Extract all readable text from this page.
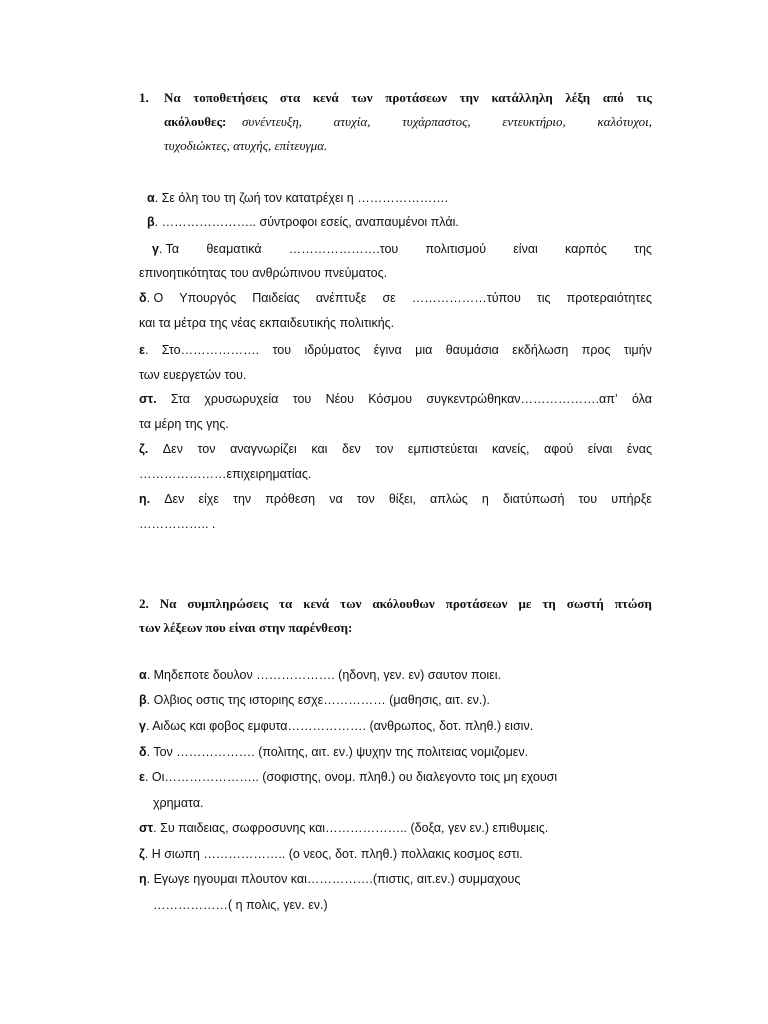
1. Να τοποθετήσεις στα κενά των προτάσεων την κατάλληλη λέξη από τις
ακόλουθες: συνέντευξη, ατυχία, τυχάρπαστος, εντευκτήριο, καλότυχοι,
τυχοδιώκτες, ατυχής, επίτευγμα.
α. Σε όλη του τη ζωή τον κατατρέχει η ………………….
β. ………………….. σύντροφοι εσείς, αναπαυμένοι πλάι.
γ. Τα θεαματικά ………………….του πολιτισμού είναι καρπός της
επινοητικότητας του ανθρώπινου πνεύματος.
δ. Ο Υπουργός Παιδείας ανέπτυξε σε ………………τύπου τις προτεραιότητες
και τα μέτρα της νέας εκπαιδευτικής πολιτικής.
ε. Στο………………. του ιδρύματος έγινα μια θαυμάσια εκδήλωση προς τιμήν
των ευεργετών του.
στ. Στα χρυσωρυχεία του Νέου Κόσμου συγκεντρώθηκαν……………….απ’ όλα
τα μέρη της γης.
ζ. Δεν τον αναγνωρίζει και δεν τον εμπιστεύεται κανείς, αφού είναι ένας
…………………επιχειρηματίας.
η. Δεν είχε την πρόθεση να τον θίξει, απλώς η διατύπωσή του υπήρξε
…………….. .
2. Να συμπληρώσεις τα κενά των ακόλουθων προτάσεων με τη σωστή πτώση
των λέξεων που είναι στην παρένθεση:
α. Μηδεποτε δουλον ………………. (ηδονη, γεν. εν) σαυτον ποιει.
β. Ολβιος οστις της ιστοριης εσχε…………… (μαθησις, αιτ. εν.).
γ. Αιδως και φοβος εμφυτα………………. (ανθρωπος, δοτ. πληθ.) εισιν.
δ. Τον ………………. (πολιτης, αιτ. εν.) ψυχην της πολιτειας νομιζομεν.
ε. Οι………………….. (σοφιστης, ονομ. πληθ.) ου διαλεγοντο τοις μη εχουσι
χρηματα.
στ. Συ παιδειας, σωφροσυνης και……………….. (δοξα, γεν εν.) επιθυμεις.
ζ. Η σιωπη ……………….. (ο νεος, δοτ. πληθ.) πολλακις κοσμος εστι.
η. Εγωγε ηγουμαι πλουτον και…………….(πιστις, αιτ.εν.) συμμαχους
………………( η πολις, γεν. εν.)
